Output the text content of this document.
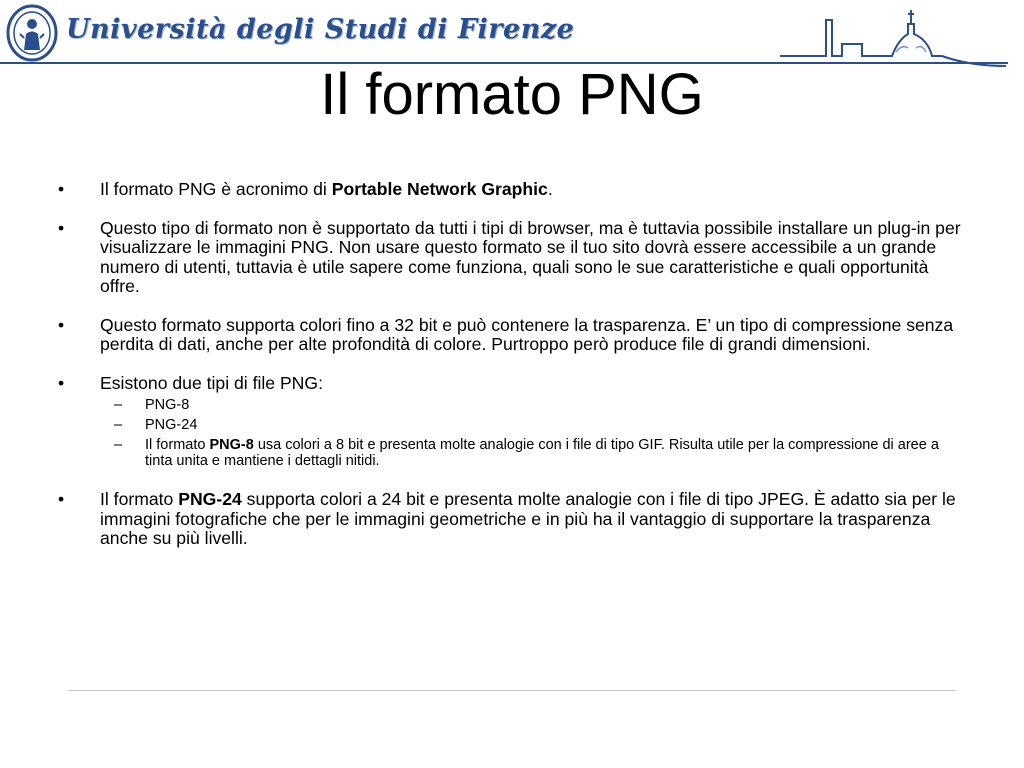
Università degli Studi di Firenze
Il formato PNG
• Il formato PNG è acronimo di Portable Network Graphic.
• Questo tipo di formato non è supportato da tutti i tipi di browser, ma è tuttavia possibile installare un plug-in per visualizzare le immagini PNG. Non usare questo formato se il tuo sito dovrà essere accessibile a un grande numero di utenti, tuttavia è utile sapere come funziona, quali sono le sue caratteristiche e quali opportunità offre.
• Questo formato supporta colori fino a 32 bit e può contenere la trasparenza. E’ un tipo di compressione senza perdita di dati, anche per alte profondità di colore. Purtroppo però produce file di grandi dimensioni.
• Esistono due tipi di file PNG:
– PNG-8
– PNG-24
– Il formato PNG-8 usa colori a 8 bit e presenta molte analogie con i file di tipo GIF. Risulta utile per la compressione di aree a tinta unita e mantiene i dettagli nitidi.
• Il formato PNG-24 supporta colori a 24 bit e presenta molte analogie con i file di tipo JPEG. È adatto sia per le immagini fotografiche che per le immagini geometriche e in più ha il vantaggio di supportare la trasparenza anche su più livelli.
